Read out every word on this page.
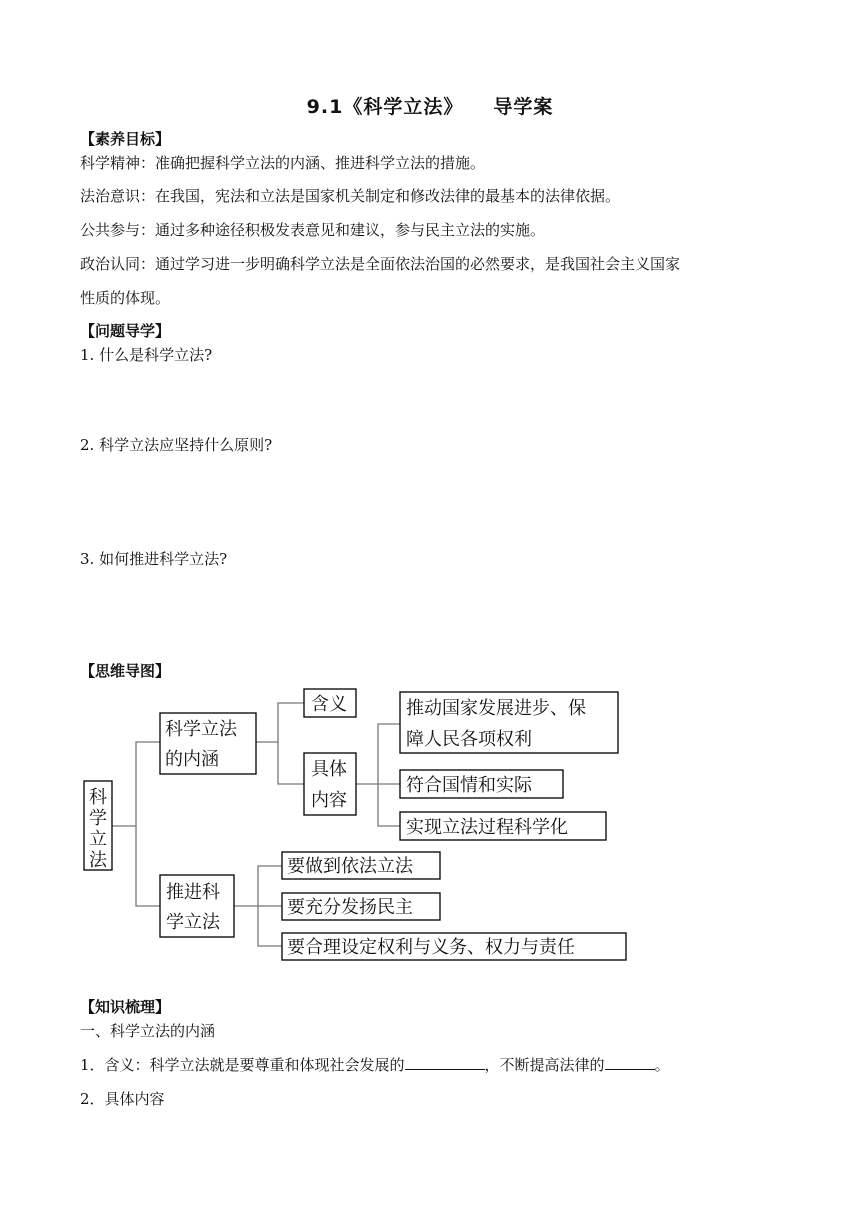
9.1《科学立法》 导学案
【素养目标】
科学精神：准确把握科学立法的内涵、推进科学立法的措施。
法治意识：在我国，宪法和立法是国家机关制定和修改法律的最基本的法律依据。
公共参与：通过多种途径积极发表意见和建议，参与民主立法的实施。
政治认同：通过学习进一步明确科学立法是全面依法治国的必然要求，是我国社会主义国家
性质的体现。
【问题导学】
1. 什么是科学立法?
2. 科学立法应坚持什么原则?
3. 如何推进科学立法?
【思维导图】
科
学
立
法
科学立法
的内涵
含义
具体
内容
推动国家发展进步、保
障人民各项权利
符合国情和实际
实现立法过程科学化
推进科
学立法
要做到依法立法
要充分发扬民主
要合理设定权利与义务、权力与责任
【知识梳理】
一、科学立法的内涵
1．含义：科学立法就是要尊重和体现社会发展的	，不断提高法律的	。
2．具体内容
